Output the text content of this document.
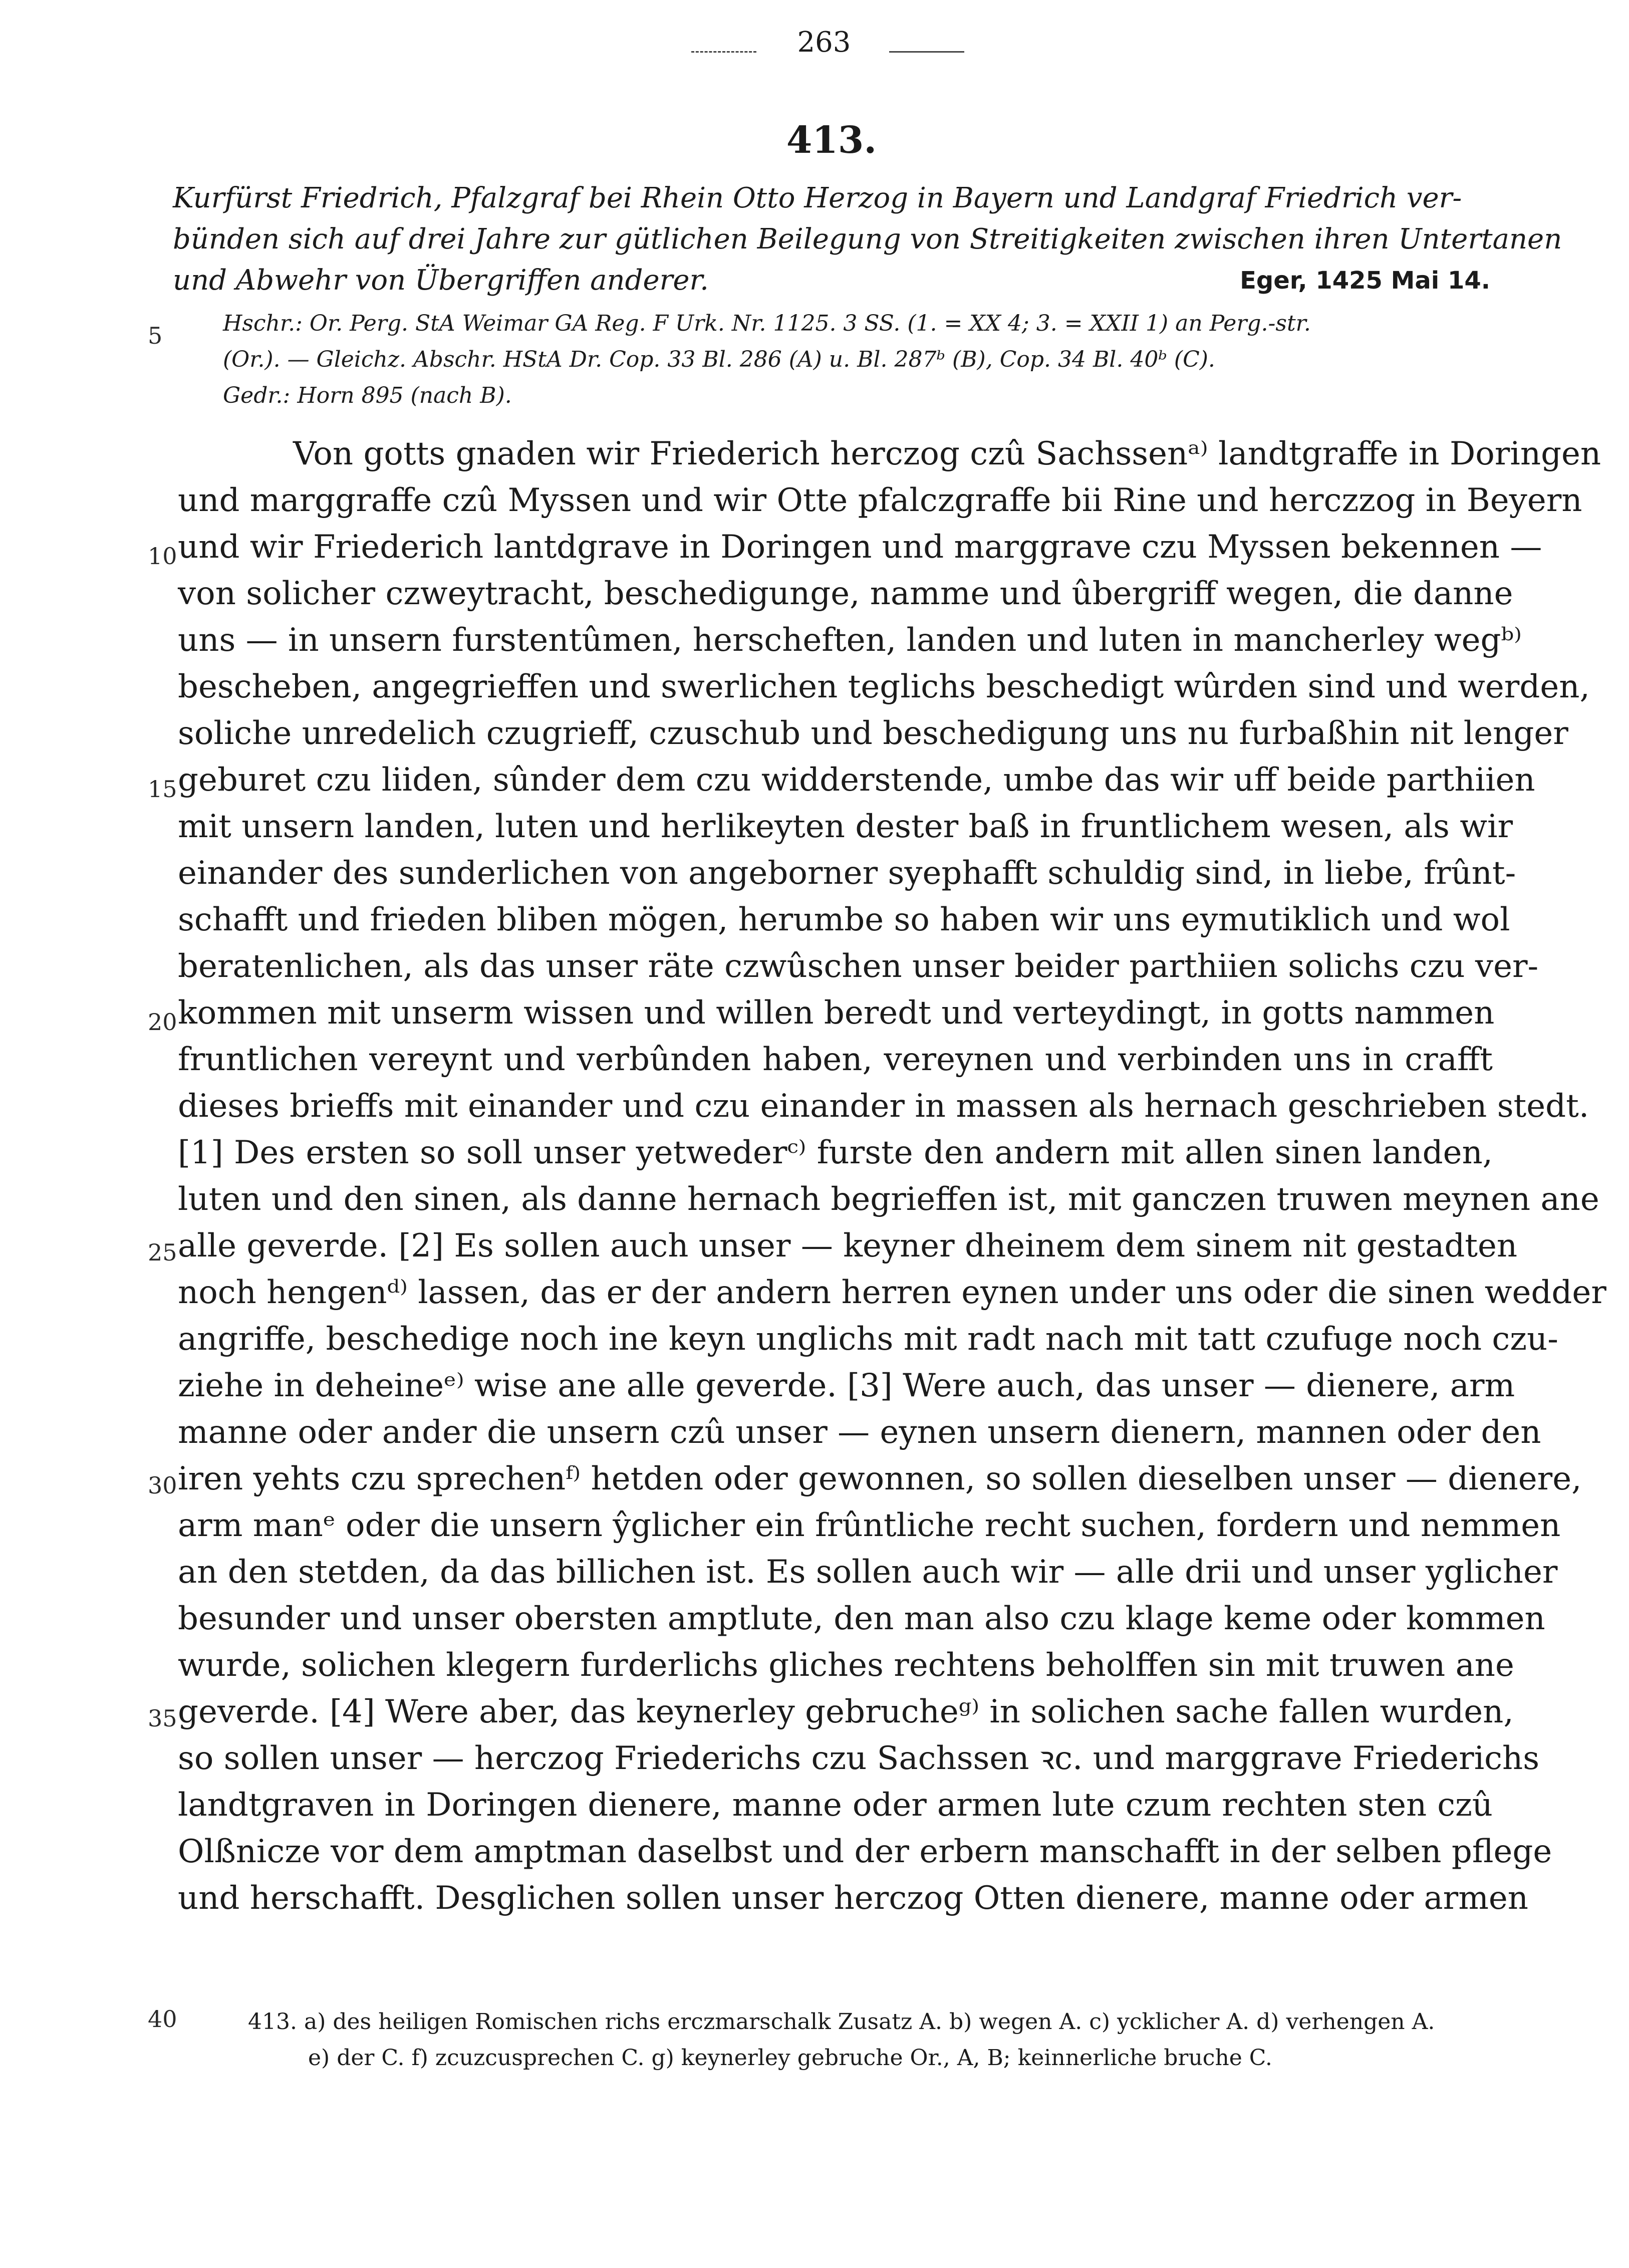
263
413.
Kurfürst Friedrich, Pfalzgraf bei Rhein Otto Herzog in Bayern und Landgraf Friedrich ver-
bünden sich auf drei Jahre zur gütlichen Beilegung von Streitigkeiten zwischen ihren Untertanen
und Abwehr von Übergriffen anderer.	Eger, 1425 Mai 14.
5
10
15
20
25
30
35
40
Hschr.: Or. Perg. StA Weimar GA Reg. F Urk. Nr. 1125. 3 SS. (1. = XX 4; 3. = XXII 1) an Perg.-str.
(Or.). — Gleichz. Abschr. HStA Dr. Cop. 33 Bl. 286 (A) u. Bl. 287ᵇ (B), Cop. 34 Bl. 40ᵇ (C).
Gedr.: Horn 895 (nach B).
Von gotts gnaden wir Friederich herczog czû Sachssenᵃ⁾ landtgraffe in Doringen
und marggraffe czû Myssen und wir Otte pfalczgraffe bii Rine und herczzog in Beyern
und wir Friederich lantdgrave in Doringen und marggrave czu Myssen bekennen —
von solicher czweytracht, beschedigunge, namme und ûbergriff wegen, die danne
uns — in unsern furstentûmen, herscheften, landen und luten in mancherley wegᵇ⁾
bescheben, angegrieffen und swerlichen teglichs beschedigt wûrden sind und werden,
soliche unredelich czugrieff, czuschub und beschedigung uns nu furbaßhin nit lenger
geburet czu liiden, sûnder dem czu widderstende, umbe das wir uff beide parthiien
mit unsern landen, luten und herlikeyten dester baß in fruntlichem wesen, als wir
einander des sunderlichen von angeborner syephafft schuldig sind, in liebe, frûnt-
schafft und frieden bliben mögen, herumbe so haben wir uns eymutiklich und wol
beratenlichen, als das unser räte czwûschen unser beider parthiien solichs czu ver-
kommen mit unserm wissen und willen beredt und verteydingt, in gotts nammen
fruntlichen vereynt und verbûnden haben, vereynen und verbinden uns in crafft
dieses brieffs mit einander und czu einander in massen als hernach geschrieben stedt.
[1] Des ersten so soll unser yetwederᶜ⁾ furste den andern mit allen sinen landen,
luten und den sinen, als danne hernach begrieffen ist, mit ganczen truwen meynen ane
alle geverde. [2] Es sollen auch unser — keyner dheinem dem sinem nit gestadten
noch hengenᵈ⁾ lassen, das er der andern herren eynen under uns oder die sinen wedder
angriffe, beschedige noch ine keyn unglichs mit radt nach mit tatt czufuge noch czu-
ziehe in deheineᵉ⁾ wise ane alle geverde. [3] Were auch, das unser — dienere, arm
manne oder ander die unsern czû unser — eynen unsern dienern, mannen oder den
iren yehts czu sprechenᶠ⁾ hetden oder gewonnen, so sollen dieselben unser — dienere,
arm manᵉ oder die unsern ŷglicher ein frûntliche recht suchen, fordern und nemmen
an den stetden, da das billichen ist. Es sollen auch wir — alle drii und unser yglicher
besunder und unser obersten amptlute, den man also czu klage keme oder kommen
wurde, solichen klegern furderlichs gliches rechtens beholffen sin mit truwen ane
geverde. [4] Were aber, das keynerley gebrucheᵍ⁾ in solichen sache fallen wurden,
so sollen unser — herczog Friederichs czu Sachssen ꝛc. und marggrave Friederichs
landtgraven in Doringen dienere, manne oder armen lute czum rechten sten czû
Olßnicze vor dem amptman daselbst und der erbern manschafft in der selben pflege
und herschafft. Desglichen sollen unser herczog Otten dienere, manne oder armen
413. a) des heiligen Romischen richs erczmarschalk Zusatz A. b) wegen A. c) ycklicher A. d) verhengen A.
e) der C. f) zcuzcusprechen C. g) keynerley gebruche Or., A, B; keinnerliche bruche C.
